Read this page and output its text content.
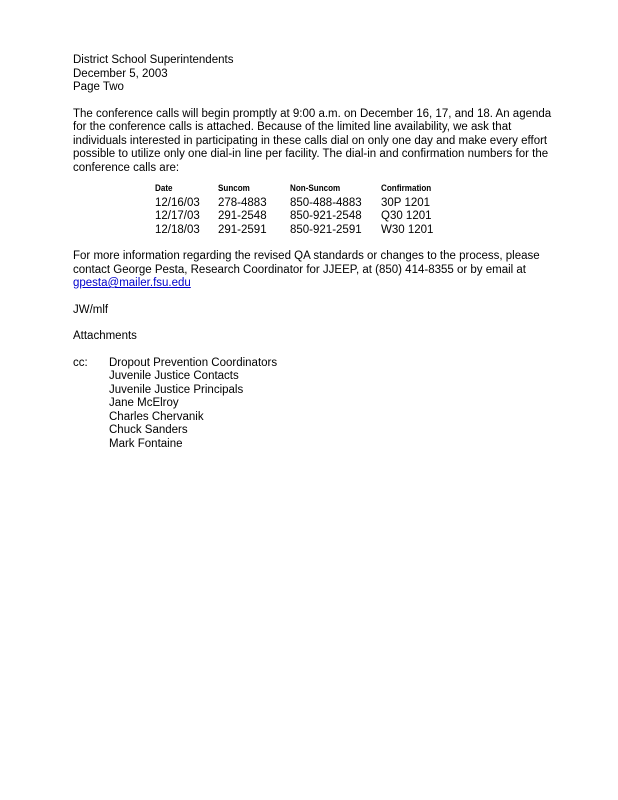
District School Superintendents

December 5, 2003

Page Two

The conference calls will begin promptly at 9:00 a.m. on December 16, 17, and 18. An agenda for the conference calls is attached. Because of the limited line availability, we ask that individuals interested in participating in these calls dial on only one day and make every effort possible to utilize only one dial-in line per facility. The dial-in and confirmation numbers for the conference calls are:

Date	Suncom	Non-Suncom	Confirmation
12/16/03	278-4883	850-488-4883	30P 1201
12/17/03	291-2548	850-921-2548	Q30 1201
12/18/03	291-2591	850-921-2591	W30 1201

For more information regarding the revised QA standards or changes to the process, please contact George Pesta, Research Coordinator for JJEEP, at (850) 414-8355 or by email at gpesta@mailer.fsu.edu

JW/mlf

Attachments

cc:	Dropout Prevention Coordinators
Juvenile Justice Contacts
Juvenile Justice Principals
Jane McElroy
Charles Chervanik
Chuck Sanders
Mark Fontaine
